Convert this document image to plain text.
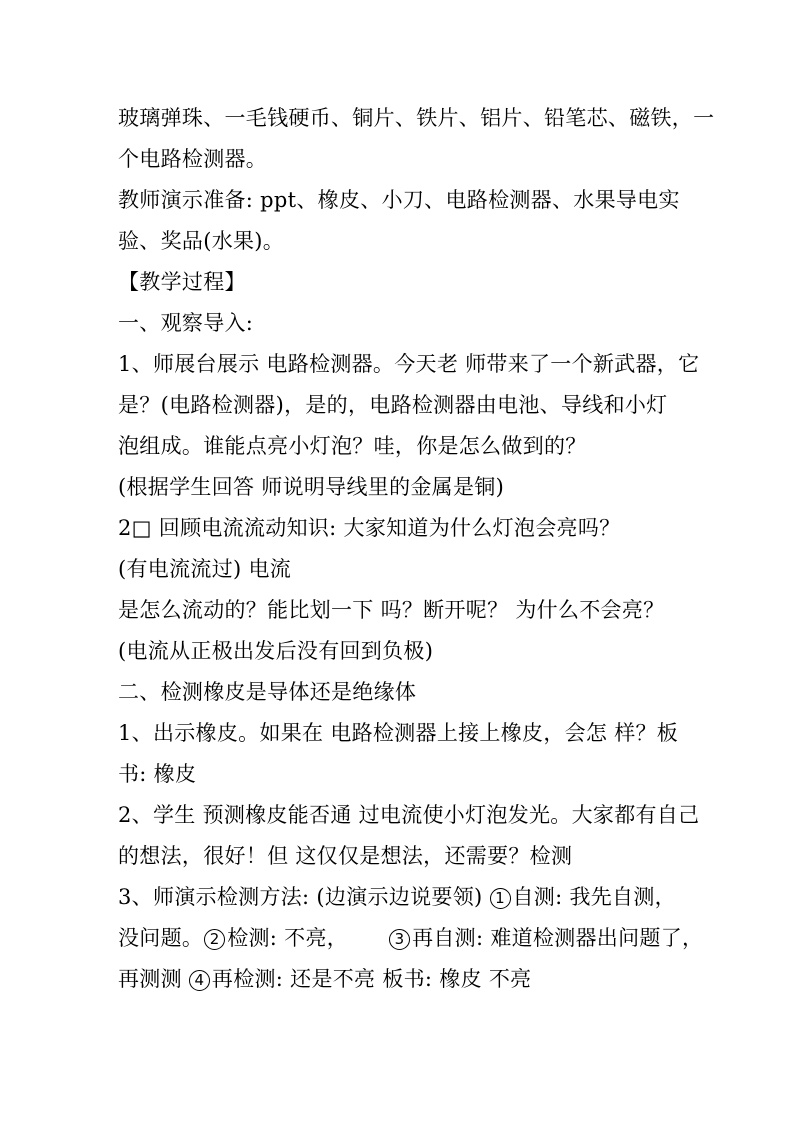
玻璃弹珠、一毛钱硬币、铜片、铁片、铝片、铅笔芯、磁铁，一
个电路检测器。
教师演示准备: ppt、橡皮、小刀、电路检测器、水果导电实
验、奖品(水果)。
【教学过程】
一、观察导入:
1、师展台展示 电路检测器。今天老 师带来了一个新武器，它
是？(电路检测器)，是的，电路检测器由电池、导线和小灯
泡组成。谁能点亮小灯泡？哇，你是怎么做到的？
(根据学生回答 师说明导线里的金属是铜)
2□ 回顾电流流动知识: 大家知道为什么灯泡会亮吗？
(有电流流过) 电流
是怎么流动的？能比划一下 吗？断开呢？ 为什么不会亮？
(电流从正极出发后没有回到负极)
二、检测橡皮是导体还是绝缘体
1、出示橡皮。如果在 电路检测器上接上橡皮，会怎 样？板
书: 橡皮
2、学生 预测橡皮能否通 过电流使小灯泡发光。大家都有自己
的想法，很好！但 这仅仅是想法，还需要？检测
3、师演示检测方法: (边演示边说要领) 1 自测: 我先自测，
没问题。 2 检测: 不亮，	3 再自测: 难道检测器出问题了，
再测测 4 再检测: 还是不亮 板书: 橡皮 不亮
